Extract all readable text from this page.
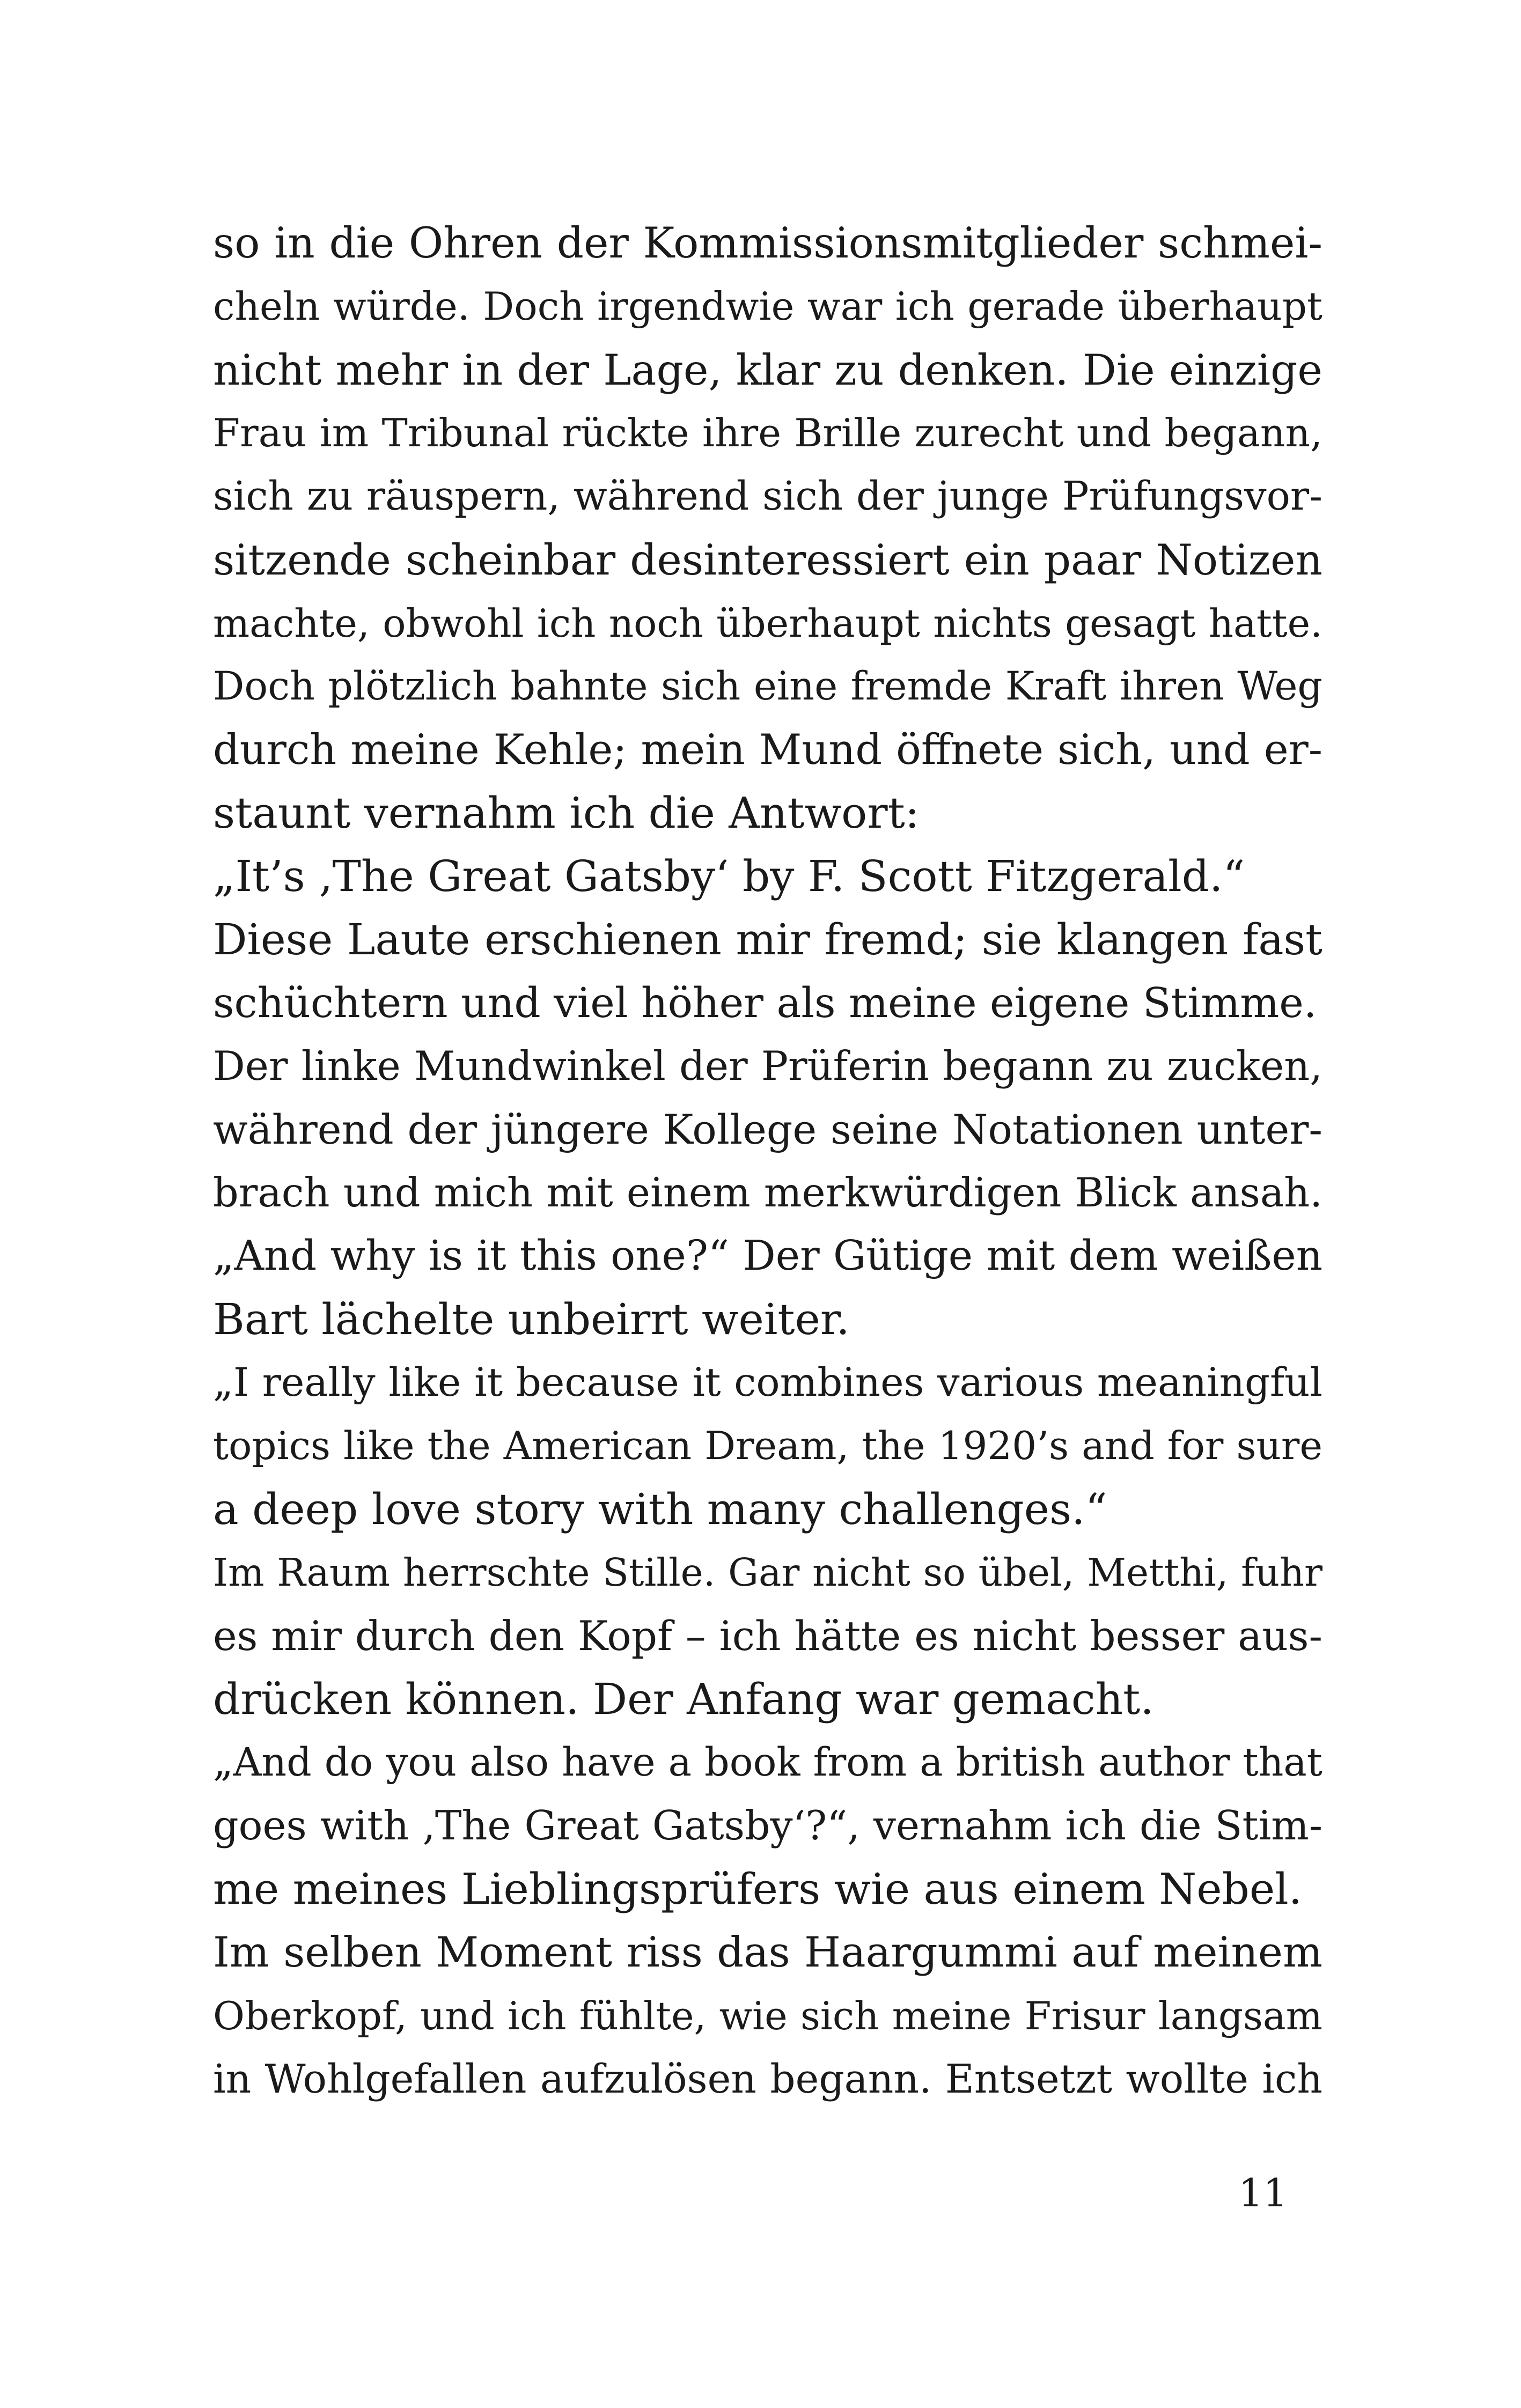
so in die Ohren der Kommissionsmitglieder schmei-
cheln würde. Doch irgendwie war ich gerade überhaupt
nicht mehr in der Lage, klar zu denken. Die einzige
Frau im Tribunal rückte ihre Brille zurecht und begann,
sich zu räuspern, während sich der junge Prüfungsvor-
sitzende scheinbar desinteressiert ein paar Notizen
machte, obwohl ich noch überhaupt nichts gesagt hatte.
Doch plötzlich bahnte sich eine fremde Kraft ihren Weg
durch meine Kehle; mein Mund öffnete sich, und er-
staunt vernahm ich die Antwort:
„It’s ‚The Great Gatsby‘ by F. Scott Fitzgerald.“
Diese Laute erschienen mir fremd; sie klangen fast
schüchtern und viel höher als meine eigene Stimme.
Der linke Mundwinkel der Prüferin begann zu zucken,
während der jüngere Kollege seine Notationen unter-
brach und mich mit einem merkwürdigen Blick ansah.
„And why is it this one?“ Der Gütige mit dem weißen
Bart lächelte unbeirrt weiter.
„I really like it because it combines various meaningful
topics like the American Dream, the 1920’s and for sure
a deep love story with many challenges.“
Im Raum herrschte Stille. Gar nicht so übel, Metthi, fuhr
es mir durch den Kopf – ich hätte es nicht besser aus-
drücken können. Der Anfang war gemacht.
„And do you also have a book from a british author that
goes with ‚The Great Gatsby‘?“, vernahm ich die Stim-
me meines Lieblingsprüfers wie aus einem Nebel.
Im selben Moment riss das Haargummi auf meinem
Oberkopf, und ich fühlte, wie sich meine Frisur langsam
in Wohlgefallen aufzulösen begann. Entsetzt wollte ich
11
